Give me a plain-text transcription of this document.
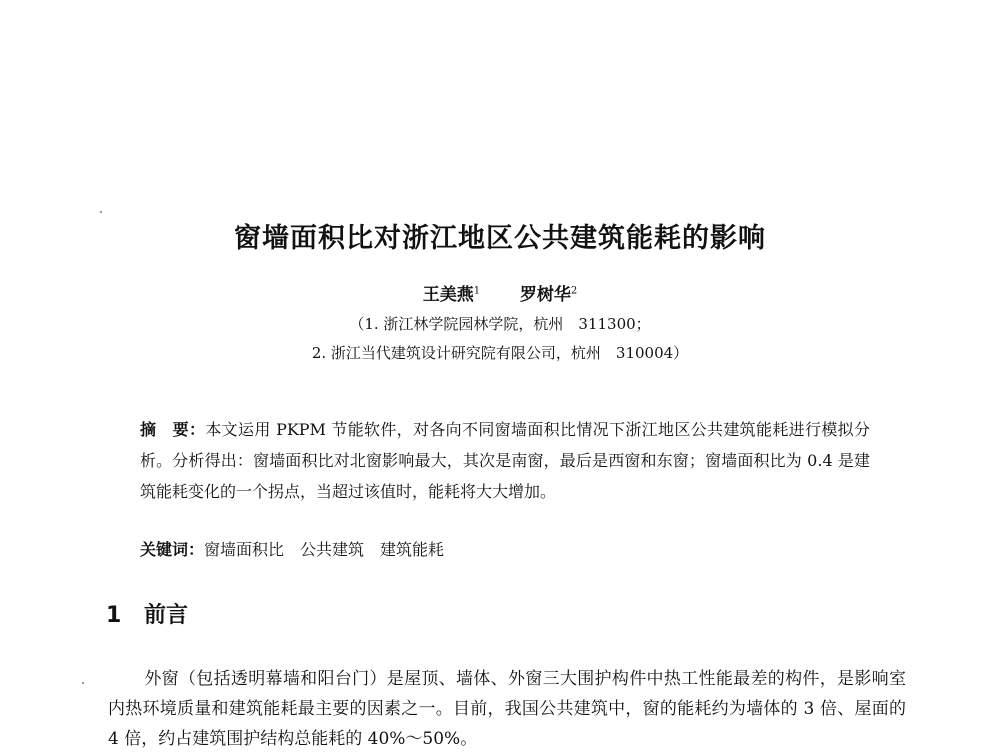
窗墙面积比对浙江地区公共建筑能耗的影响
王美燕$^1$ 罗树华$^2$
（1. 浙江林学院园林学院，杭州　311300；
2. 浙江当代建筑设计研究院有限公司，杭州　310004）
摘　要：本文运用 PKPM 节能软件，对各向不同窗墙面积比情况下浙江地区公共建筑能耗进行模拟分析。分析得出：窗墙面积比对北窗影响最大，其次是南窗，最后是西窗和东窗；窗墙面积比为 0.4 是建筑能耗变化的一个拐点，当超过该值时，能耗将大大增加。
关键词：窗墙面积比　公共建筑　建筑能耗
1 前言
外窗（包括透明幕墙和阳台门）是屋顶、墙体、外窗三大围护构件中热工性能最差的构件，是影响室内热环境质量和建筑能耗最主要的因素之一。目前，我国公共建筑中，窗的能耗约为墙体的 3 倍、屋面的 4 倍，约占建筑围护结构总能耗的 40%～50%。
